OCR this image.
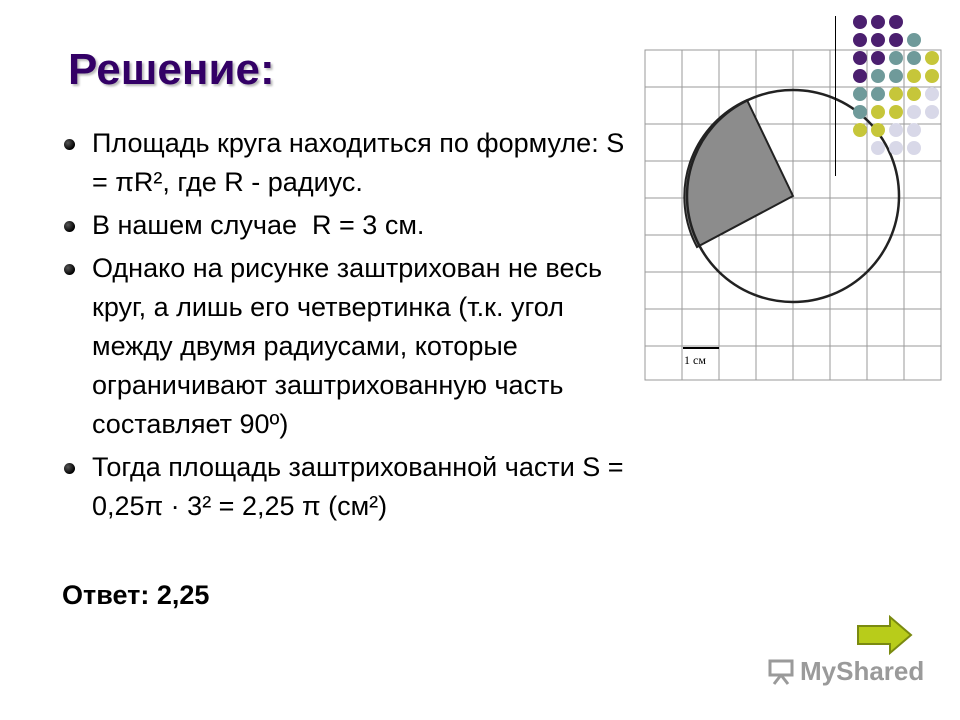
Решение:
Площадь круга находиться по формуле: S = πR², где R - радиус.
В нашем случае  R = 3 см.
Однако на рисунке заштрихован не весь круг, а лишь его четвертинка (т.к. угол между двумя радиусами, которые ограничивают заштрихованную часть составляет 90º)
Тогда площадь заштрихованной части S = 0,25π · 3² = 2,25 π (см²)

Ответ: 2,25

1 см
MyShared
